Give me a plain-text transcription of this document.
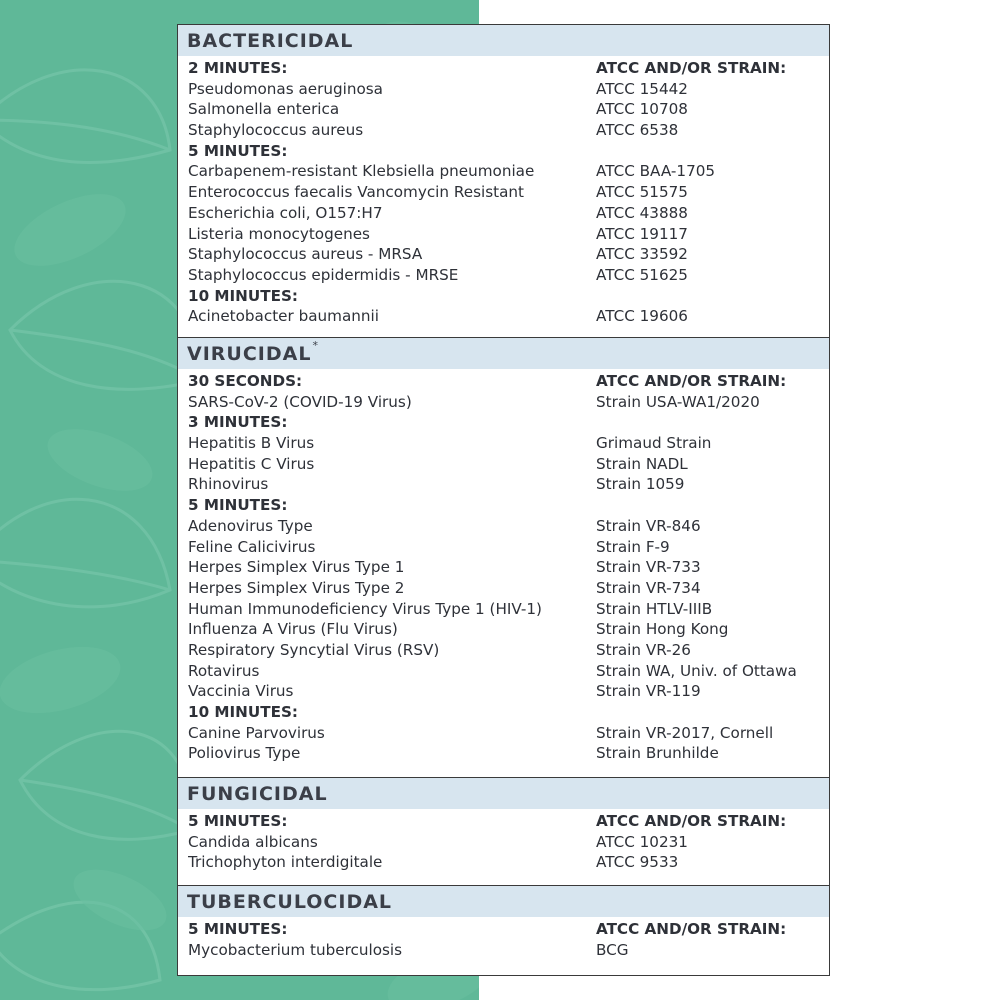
BACTERICIDAL
2 MINUTES:	ATCC AND/OR STRAIN:
Pseudomonas aeruginosa	ATCC 15442
Salmonella enterica	ATCC 10708
Staphylococcus aureus	ATCC 6538
5 MINUTES:
Carbapenem-resistant Klebsiella pneumoniae	ATCC BAA-1705
Enterococcus faecalis Vancomycin Resistant	ATCC 51575
Escherichia coli, O157:H7	ATCC 43888
Listeria monocytogenes	ATCC 19117
Staphylococcus aureus - MRSA	ATCC 33592
Staphylococcus epidermidis - MRSE	ATCC 51625
10 MINUTES:
Acinetobacter baumannii	ATCC 19606
VIRUCIDAL *
30 SECONDS:	ATCC AND/OR STRAIN:
SARS-CoV-2 (COVID-19 Virus)	Strain USA-WA1/2020
3 MINUTES:
Hepatitis B Virus	Grimaud Strain
Hepatitis C Virus	Strain NADL
Rhinovirus	Strain 1059
5 MINUTES:
Adenovirus Type	Strain VR-846
Feline Calicivirus	Strain F-9
Herpes Simplex Virus Type 1	Strain VR-733
Herpes Simplex Virus Type 2	Strain VR-734
Human Immunodeficiency Virus Type 1 (HIV-1)	Strain HTLV-IIIB
Influenza A Virus (Flu Virus)	Strain Hong Kong
Respiratory Syncytial Virus (RSV)	Strain VR-26
Rotavirus	Strain WA, Univ. of Ottawa
Vaccinia Virus	Strain VR-119
10 MINUTES:
Canine Parvovirus	Strain VR-2017, Cornell
Poliovirus Type	Strain Brunhilde
FUNGICIDAL
5 MINUTES:	ATCC AND/OR STRAIN:
Candida albicans	ATCC 10231
Trichophyton interdigitale	ATCC 9533
TUBERCULOCIDAL
5 MINUTES:	ATCC AND/OR STRAIN:
Mycobacterium tuberculosis	BCG
